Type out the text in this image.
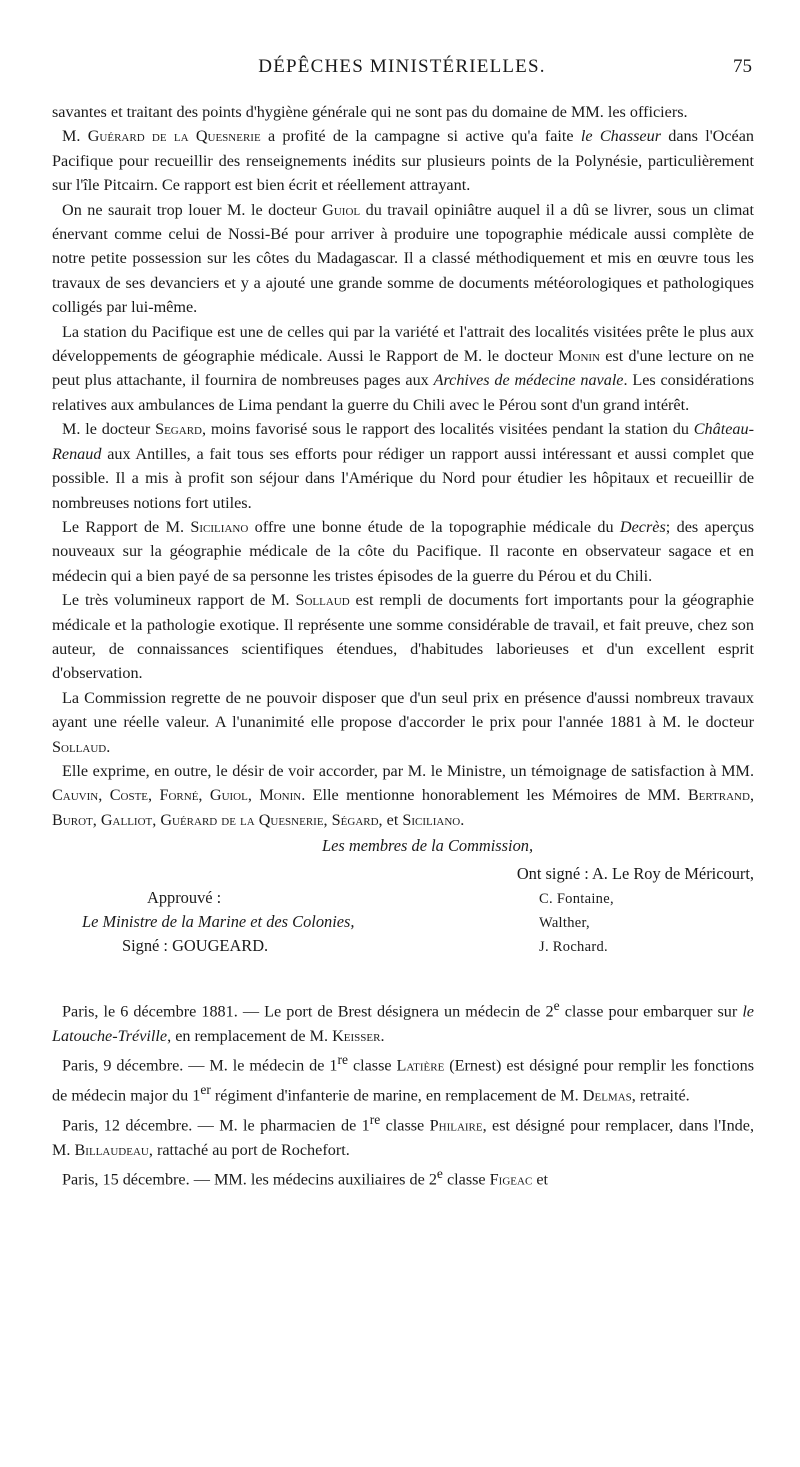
DÉPÊCHES MINISTÉRIELLES.	75

savantes et traitant des points d'hygiène générale qui ne sont pas du domaine de MM. les officiers.

M. Guérard de la Quesnerie a profité de la campagne si active qu'a faite le Chasseur dans l'Océan Pacifique pour recueillir des renseignements inédits sur plusieurs points de la Polynésie, particulièrement sur l'île Pitcairn. Ce rapport est bien écrit et réellement attrayant.

On ne saurait trop louer M. le docteur Guiol du travail opiniâtre auquel il a dû se livrer, sous un climat énervant comme celui de Nossi-Bé pour arriver à produire une topographie médicale aussi complète de notre petite possession sur les côtes du Madagascar. Il a classé méthodiquement et mis en œuvre tous les travaux de ses devanciers et y a ajouté une grande somme de documents météorologiques et pathologiques colligés par lui-même.

La station du Pacifique est une de celles qui par la variété et l'attrait des localités visitées prête le plus aux développements de géographie médicale. Aussi le Rapport de M. le docteur Monin est d'une lecture on ne peut plus attachante, il fournira de nombreuses pages aux Archives de médecine navale. Les considérations relatives aux ambulances de Lima pendant la guerre du Chili avec le Pérou sont d'un grand intérêt.

M. le docteur Segard, moins favorisé sous le rapport des localités visitées pendant la station du Château-Renaud aux Antilles, a fait tous ses efforts pour rédiger un rapport aussi intéressant et aussi complet que possible. Il a mis à profit son séjour dans l'Amérique du Nord pour étudier les hôpitaux et recueillir de nombreuses notions fort utiles.

Le Rapport de M. Siciliano offre une bonne étude de la topographie médicale du Decrès; des aperçus nouveaux sur la géographie médicale de la côte du Pacifique. Il raconte en observateur sagace et en médecin qui a bien payé de sa personne les tristes épisodes de la guerre du Pérou et du Chili.

Le très volumineux rapport de M. Sollaud est rempli de documents fort importants pour la géographie médicale et la pathologie exotique. Il représente une somme considérable de travail, et fait preuve, chez son auteur, de connaissances scientifiques étendues, d'habitudes laborieuses et d'un excellent esprit d'observation.

La Commission regrette de ne pouvoir disposer que d'un seul prix en présence d'aussi nombreux travaux ayant une réelle valeur. A l'unanimité elle propose d'accorder le prix pour l'année 1881 à M. le docteur Sollaud.

Elle exprime, en outre, le désir de voir accorder, par M. le Ministre, un témoignage de satisfaction à MM. Cauvin, Coste, Forné, Guiol, Monin. Elle mentionne honorablement les Mémoires de MM. Bertrand, Burot, Galliot, Guérard de la Quesnerie, Ségard, et Siciliano.

Les membres de la Commission,
Ont signé : A. Le Roy de Méricourt,
C. Fontaine,
Walther,
J. Rochard.
Approuvé :
Le Ministre de la Marine et des Colonies,
Signé : GOUGEARD.

Paris, le 6 décembre 1881. — Le port de Brest désignera un médecin de 2e classe pour embarquer sur le Latouche-Tréville, en remplacement de M. Keisser.

Paris, 9 décembre. — M. le médecin de 1re classe Latière (Ernest) est désigné pour remplir les fonctions de médecin major du 1er régiment d'infanterie de marine, en remplacement de M. Delmas, retraité.

Paris, 12 décembre. — M. le pharmacien de 1re classe Philaire, est désigné pour remplacer, dans l'Inde, M. Billaudeau, rattaché au port de Rochefort.

Paris, 15 décembre. — MM. les médecins auxiliaires de 2e classe Figeac et
